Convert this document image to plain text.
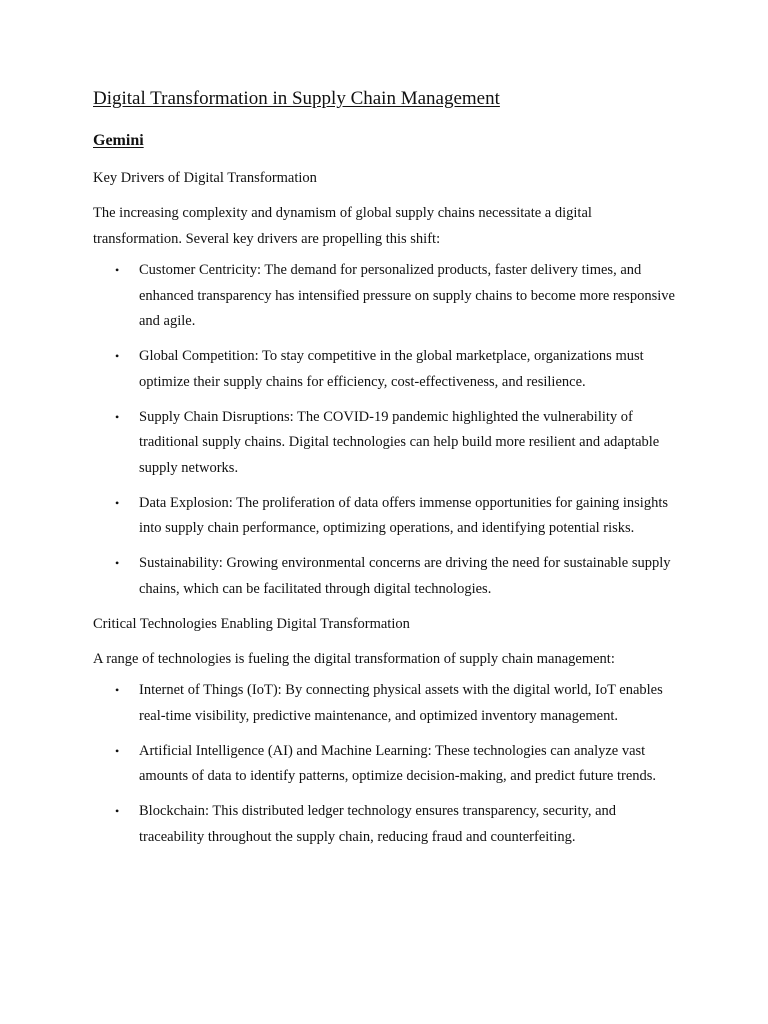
Digital Transformation in Supply Chain Management
Gemini
Key Drivers of Digital Transformation
The increasing complexity and dynamism of global supply chains necessitate a digital transformation. Several key drivers are propelling this shift:
• Customer Centricity: The demand for personalized products, faster delivery times, and enhanced transparency has intensified pressure on supply chains to become more responsive and agile.
• Global Competition: To stay competitive in the global marketplace, organizations must optimize their supply chains for efficiency, cost-effectiveness, and resilience.
• Supply Chain Disruptions: The COVID-19 pandemic highlighted the vulnerability of traditional supply chains. Digital technologies can help build more resilient and adaptable supply networks.
• Data Explosion: The proliferation of data offers immense opportunities for gaining insights into supply chain performance, optimizing operations, and identifying potential risks.
• Sustainability: Growing environmental concerns are driving the need for sustainable supply chains, which can be facilitated through digital technologies.
Critical Technologies Enabling Digital Transformation
A range of technologies is fueling the digital transformation of supply chain management:
• Internet of Things (IoT): By connecting physical assets with the digital world, IoT enables real-time visibility, predictive maintenance, and optimized inventory management.
• Artificial Intelligence (AI) and Machine Learning: These technologies can analyze vast amounts of data to identify patterns, optimize decision-making, and predict future trends.
• Blockchain: This distributed ledger technology ensures transparency, security, and traceability throughout the supply chain, reducing fraud and counterfeiting.
